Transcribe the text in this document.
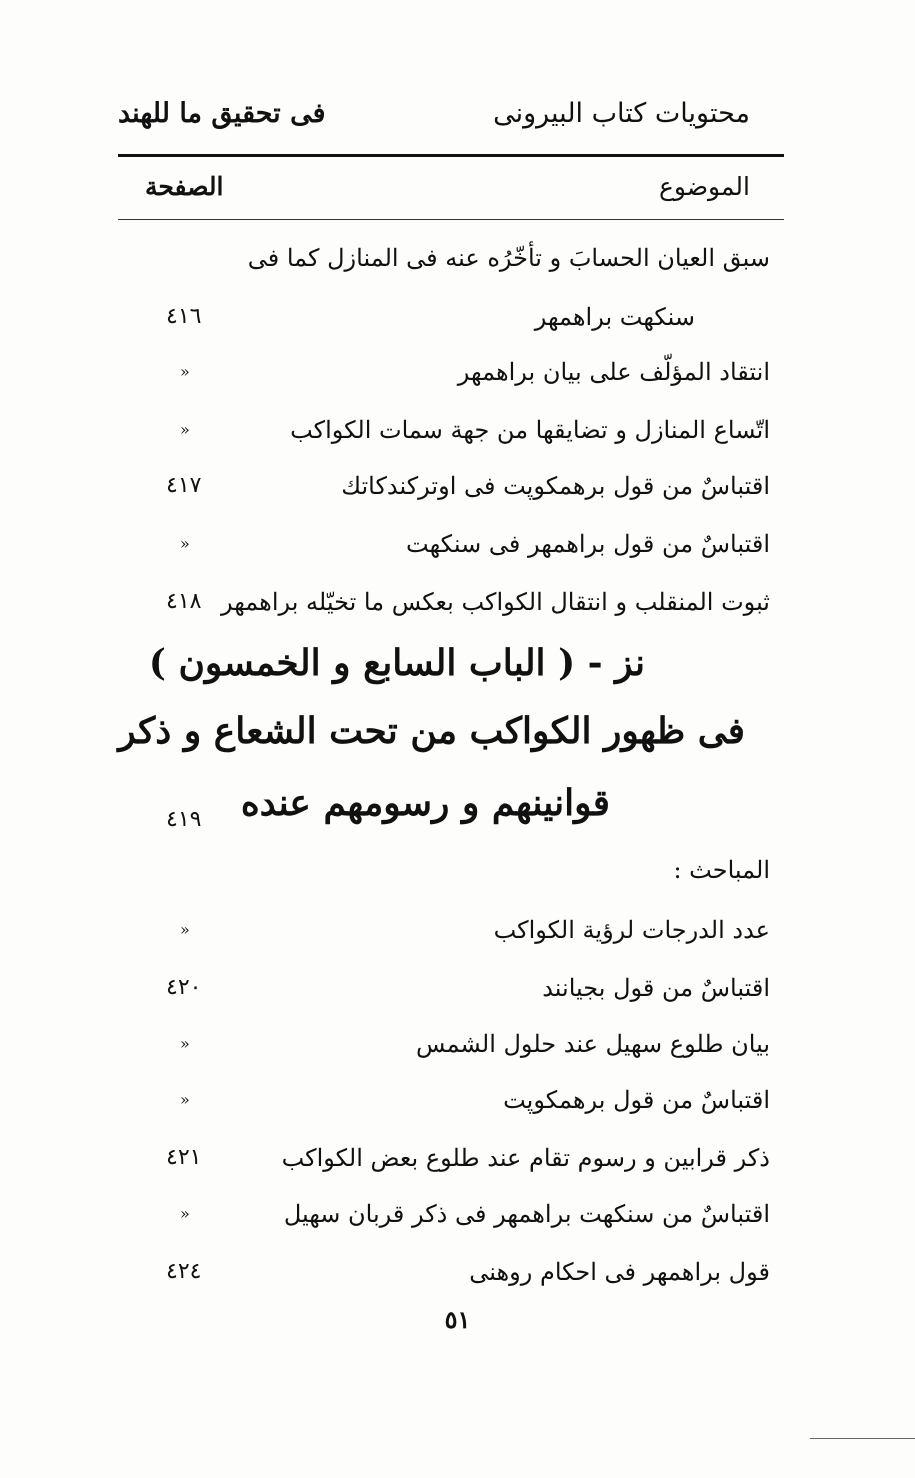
محتويات كتاب البيرونى
فى تحقيق ما للهند
الموضوع
الصفحة
سبق العيان الحسابَ و تأخّرُه عنه فى المنازل كما فى
سنكهت براهمهر
٤١٦
انتقاد المؤلّف على بيان براهمهر
»
اتّساع المنازل و تضايقها من جهة سمات الكواكب
»
اقتباسٌ من قول برهمكوپت فى اوتركندكاتك
٤١٧
اقتباسٌ من قول براهمهر فى سنكهت
»
ثبوت المنقلب و انتقال الكواكب بعكس ما تخيّله براهمهر
٤١٨
نز - ( الباب السابع و الخمسون )
فى ظهور الكواكب من تحت الشعاع و ذكر
قوانينهم و رسومهم عنده
٤١٩
المباحث :
عدد الدرجات لرؤية الكواكب
»
اقتباسٌ من قول بجيانند
٤٢٠
بيان طلوع سهيل عند حلول الشمس
»
اقتباسٌ من قول برهمكوپت
»
ذكر قرابين و رسوم تقام عند طلوع بعض الكواكب
٤٢١
اقتباسٌ من سنكهت براهمهر فى ذكر قربان سهيل
»
قول براهمهر فى احكام روهنى
٤٢٤
٥١
